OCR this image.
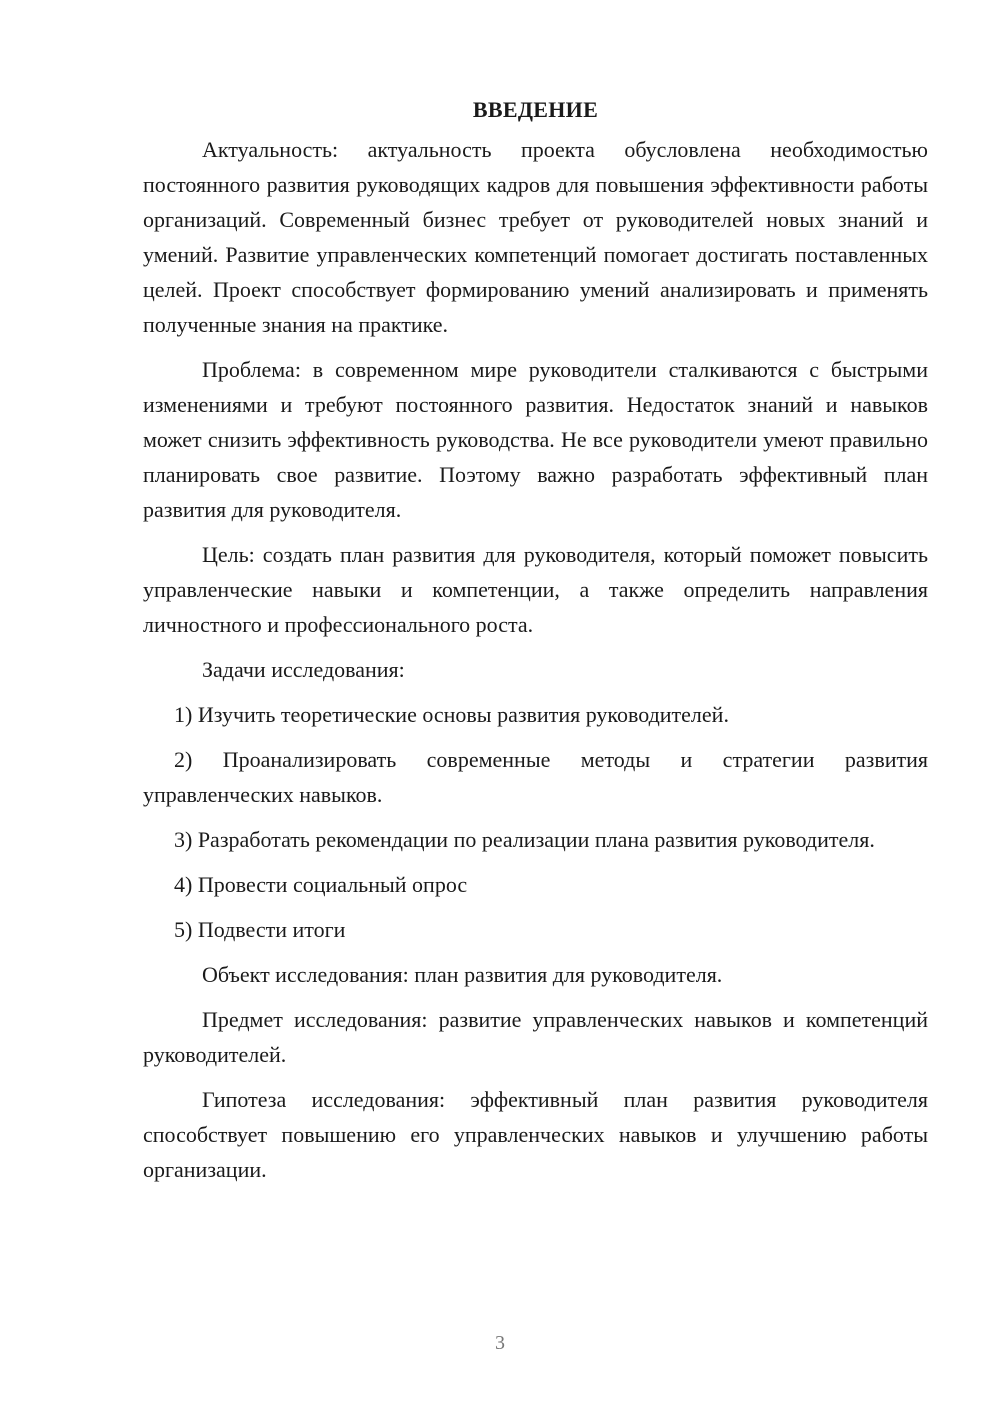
ВВЕДЕНИЕ

Актуальность: актуальность проекта обусловлена необходимостью постоянного развития руководящих кадров для повышения эффективности работы организаций. Современный бизнес требует от руководителей новых знаний и умений. Развитие управленческих компетенций помогает достигать поставленных целей. Проект способствует формированию умений анализировать и применять полученные знания на практике.

Проблема: в современном мире руководители сталкиваются с быстрыми изменениями и требуют постоянного развития. Недостаток знаний и навыков может снизить эффективность руководства. Не все руководители умеют правильно планировать свое развитие. Поэтому важно разработать эффективный план развития для руководителя.

Цель: создать план развития для руководителя, который поможет повысить управленческие навыки и компетенции, а также определить направления личностного и профессионального роста.

Задачи исследования:

1) Изучить теоретические основы развития руководителей.

2) Проанализировать современные методы и стратегии развития управленческих навыков.

3) Разработать рекомендации по реализации плана развития руководителя.

4) Провести социальный опрос

5) Подвести итоги

Объект исследования: план развития для руководителя.

Предмет исследования: развитие управленческих навыков и компетенций руководителей.

Гипотеза исследования: эффективный план развития руководителя способствует повышению его управленческих навыков и улучшению работы организации.

3
